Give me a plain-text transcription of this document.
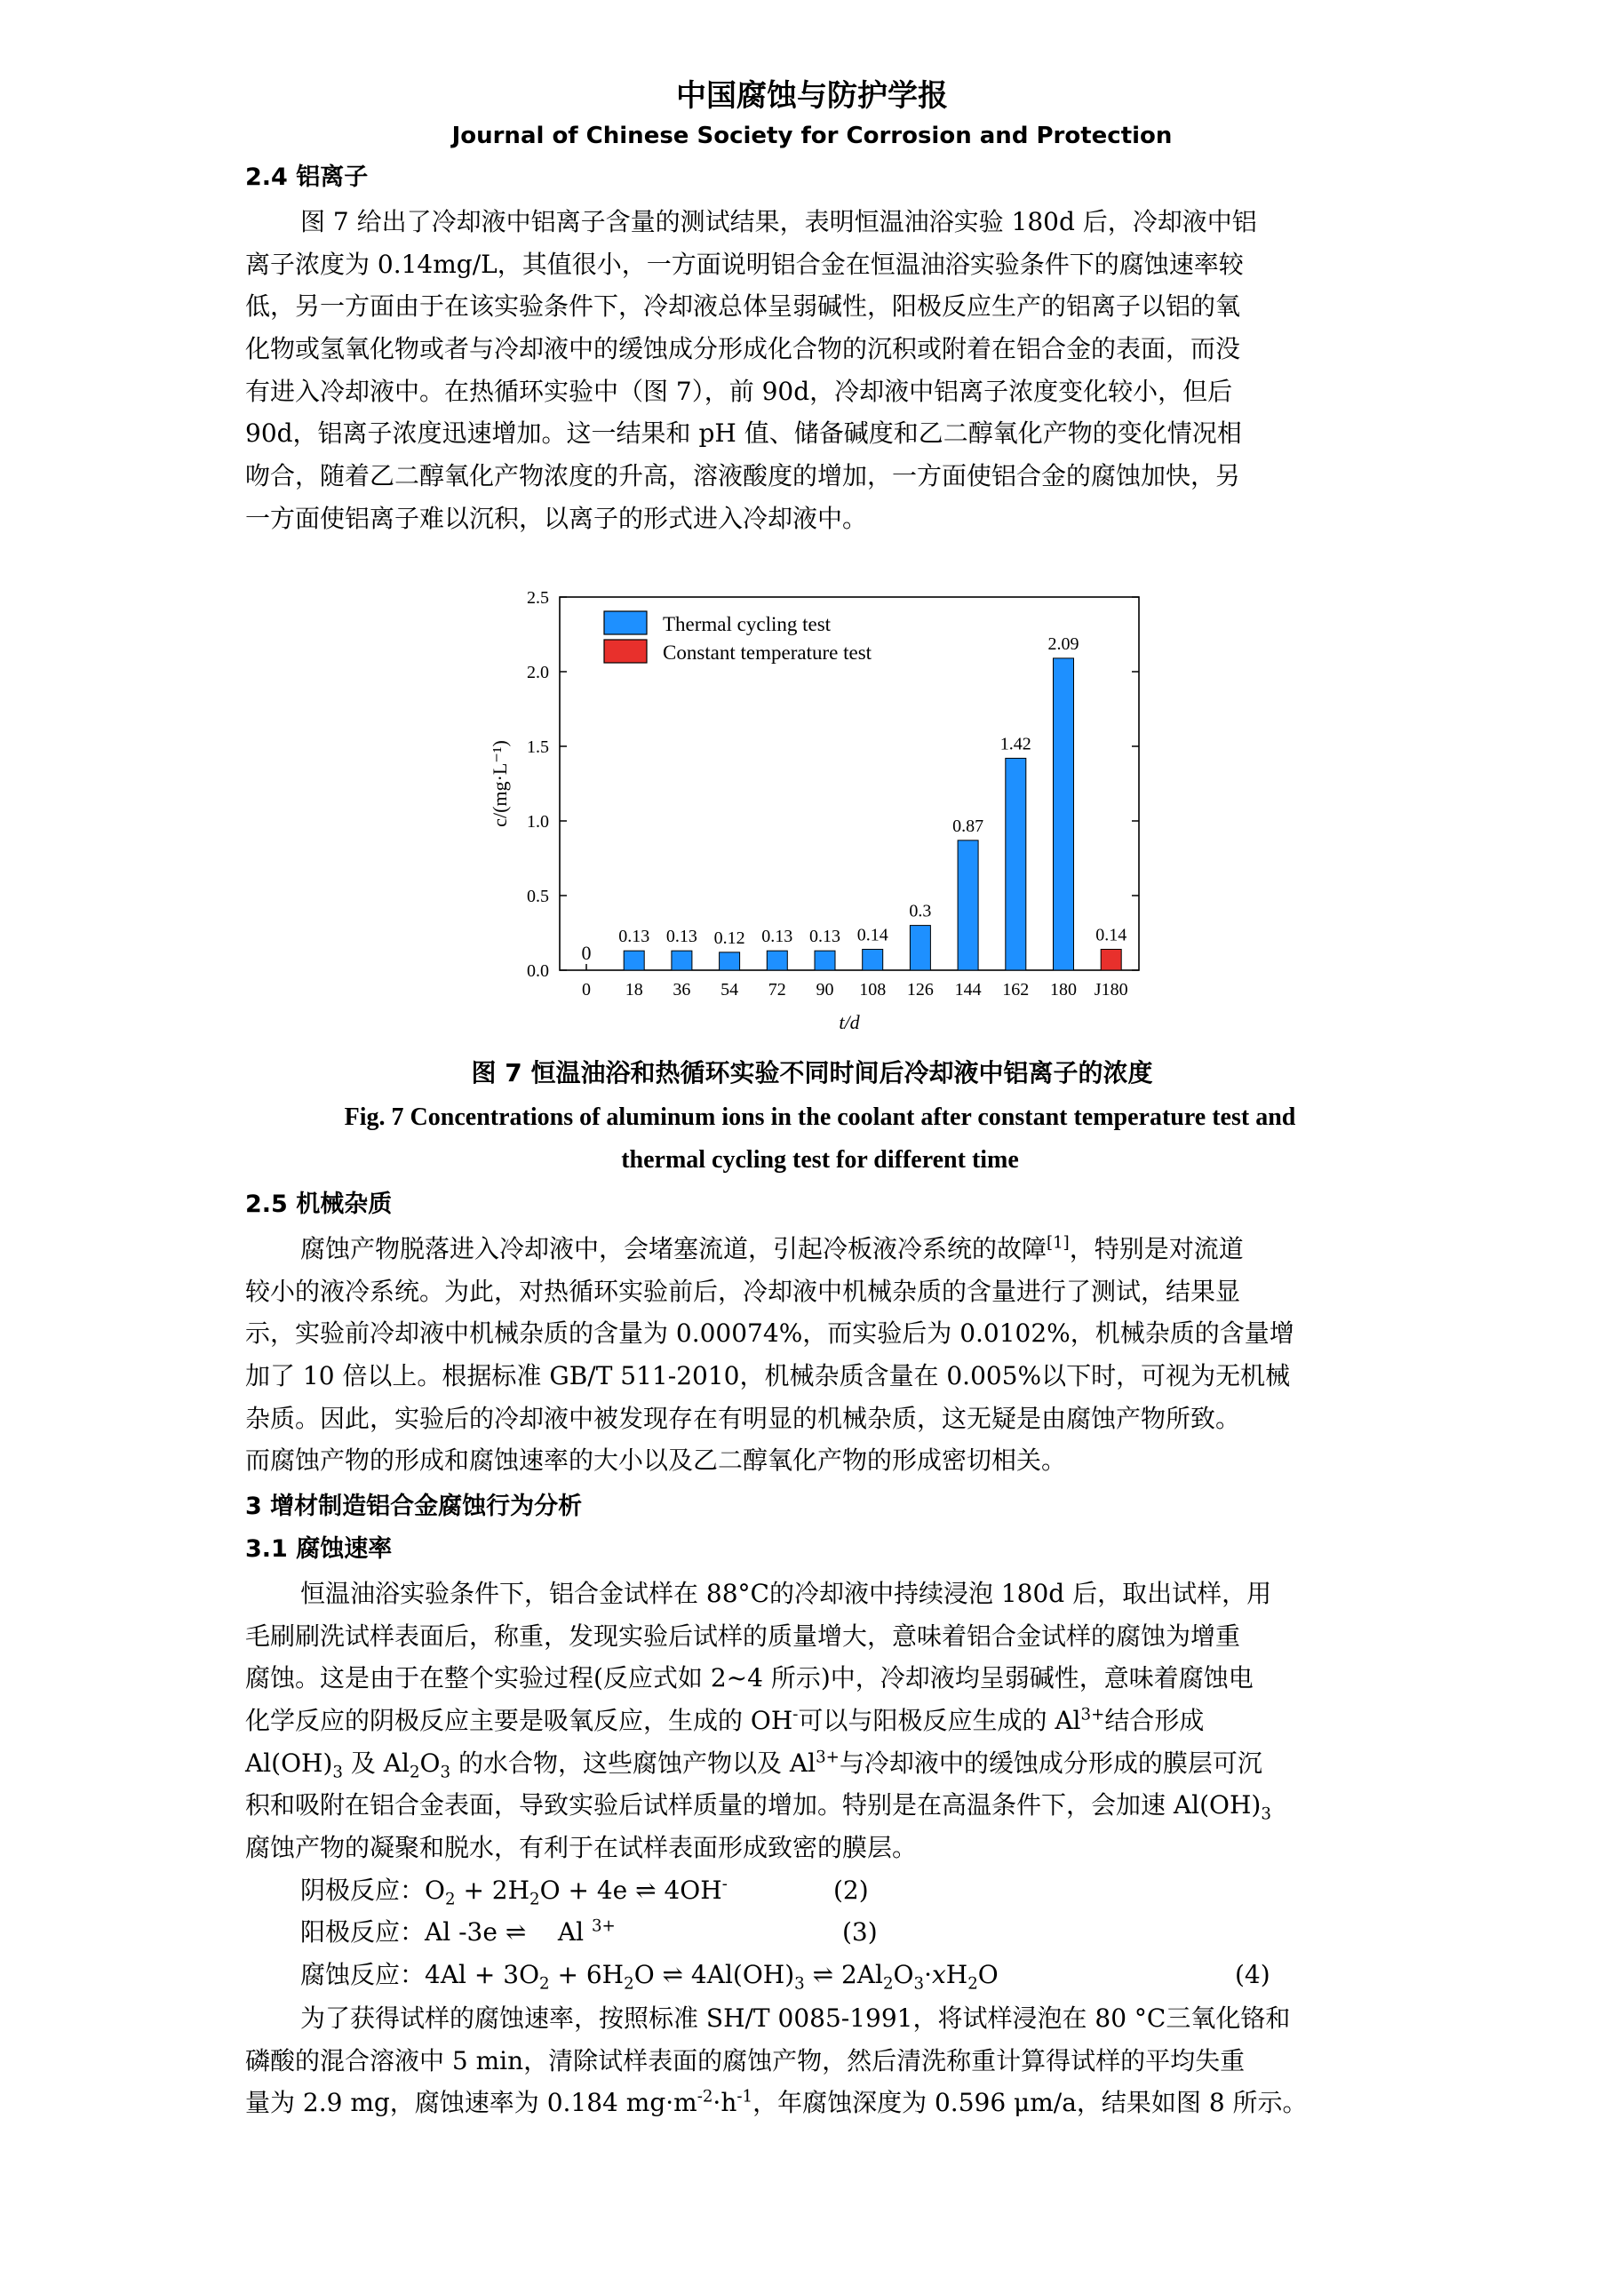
中国腐蚀与防护学报
Journal of Chinese Society for Corrosion and Protection
2.4 铝离子
图 7 给出了冷却液中铝离子含量的测试结果，表明恒温油浴实验 180d 后，冷却液中铝
离子浓度为 0.14mg/L，其值很小，一方面说明铝合金在恒温油浴实验条件下的腐蚀速率较
低，另一方面由于在该实验条件下，冷却液总体呈弱碱性，阳极反应生产的铝离子以铝的氧
化物或氢氧化物或者与冷却液中的缓蚀成分形成化合物的沉积或附着在铝合金的表面，而没
有进入冷却液中。在热循环实验中（图 7），前 90d，冷却液中铝离子浓度变化较小，但后
90d，铝离子浓度迅速增加。这一结果和 pH 值、储备碱度和乙二醇氧化产物的变化情况相
吻合，随着乙二醇氧化产物浓度的升高，溶液酸度的增加，一方面使铝合金的腐蚀加快，另
一方面使铝离子难以沉积，以离子的形式进入冷却液中。
0.0
0.5
1.0
1.5
2.0
2.5
0
0
18
0.13
36
0.13
54
0.12
72
0.13
90
0.13
108
0.14
126
0.3
144
0.87
162
1.42
180
2.09
J180
0.14
Thermal cycling test
Constant temperature test
c/(mg·L⁻¹)
t/d
图 7 恒温油浴和热循环实验不同时间后冷却液中铝离子的浓度
Fig. 7 Concentrations of aluminum ions in the coolant after constant temperature test and
thermal cycling test for different time
2.5 机械杂质
腐蚀产物脱落进入冷却液中，会堵塞流道，引起冷板液冷系统的故障[1]，特别是对流道
较小的液冷系统。为此，对热循环实验前后，冷却液中机械杂质的含量进行了测试，结果显
示，实验前冷却液中机械杂质的含量为 0.00074%，而实验后为 0.0102%，机械杂质的含量增
加了 10 倍以上。根据标准 GB/T 511-2010，机械杂质含量在 0.005%以下时，可视为无机械
杂质。因此，实验后的冷却液中被发现存在有明显的机械杂质，这无疑是由腐蚀产物所致。
而腐蚀产物的形成和腐蚀速率的大小以及乙二醇氧化产物的形成密切相关。
3 增材制造铝合金腐蚀行为分析
3.1 腐蚀速率
恒温油浴实验条件下，铝合金试样在 88°C的冷却液中持续浸泡 180d 后，取出试样，用
毛刷刷洗试样表面后，称重，发现实验后试样的质量增大，意味着铝合金试样的腐蚀为增重
腐蚀。这是由于在整个实验过程(反应式如 2~4 所示)中，冷却液均呈弱碱性，意味着腐蚀电
化学反应的阴极反应主要是吸氧反应，生成的 OH-可以与阳极反应生成的 $Al^{3+}$结合形成
$Al(OH)_3$ 及 $Al_2O_3$ 的水合物，这些腐蚀产物以及 $Al^{3+}$与冷却液中的缓蚀成分形成的膜层可沉
积和吸附在铝合金表面，导致实验后试样质量的增加。特别是在高温条件下，会加速 $Al(OH)_3$
腐蚀产物的凝聚和脱水，有利于在试样表面形成致密的膜层。
阴极反应：$O_2 + 2H_2O + 4e$ ⇌ 4OH-	(2)
阳极反应：Al -3e ⇌    Al $^{3+}$	(3)
腐蚀反应：$4Al + 3O_2 + 6H_2O$ ⇌ $4Al(OH)_3$ ⇌ $2Al_2O_3\cdot xH_2O$	(4)
为了获得试样的腐蚀速率，按照标准 SH/T 0085-1991，将试样浸泡在 80 °C三氧化铬和
磷酸的混合溶液中 5 min，清除试样表面的腐蚀产物，然后清洗称重计算得试样的平均失重
量为 2.9 mg，腐蚀速率为 0.184 $mg\cdot m^{-2}\cdot h^{-1}$，年腐蚀深度为 0.596 μm/a，结果如图 8 所示。
